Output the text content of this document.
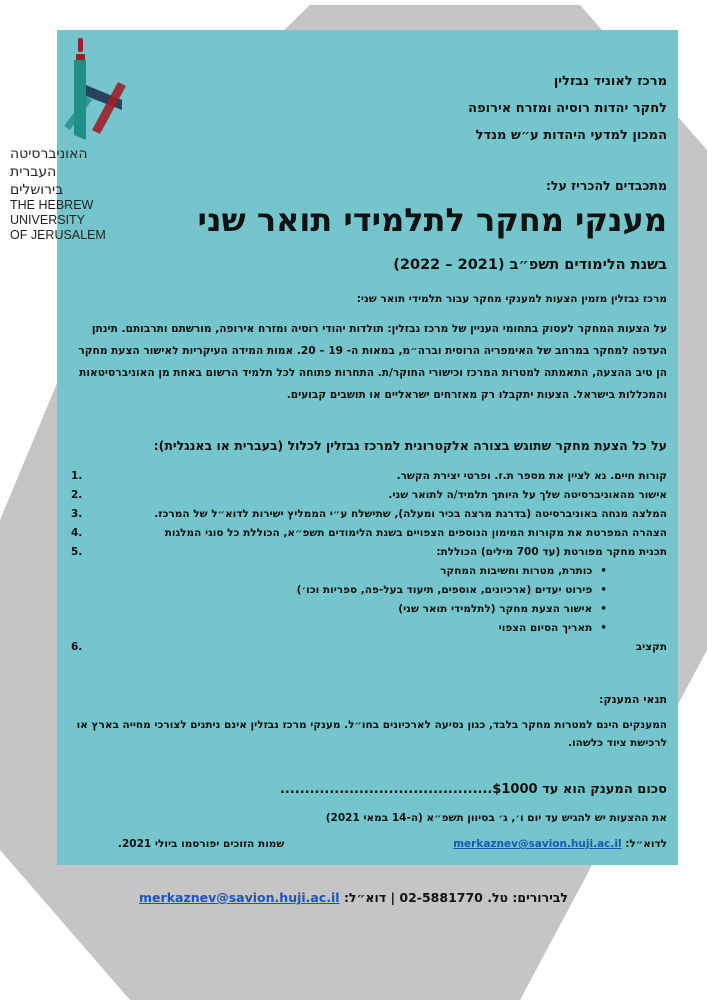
האוניברסיטה
העברית
בירושלים
THE HEBREW
UNIVERSITY
OF JERUSALEM
מרכז לאוניד נבזלין
לחקר יהדות רוסיה ומזרח אירופה
המכון למדעי היהדות ע״ש מנדל
מתכבדים להכריז על:
מענקי מחקר לתלמידי תואר שני
בשנת הלימודים תשפ״ב (2021 – 2022)
מרכז נבזלין מזמין הצעות למענקי מחקר עבור תלמידי תואר שני:
על הצעות המחקר לעסוק בתחומי העניין של מרכז נבזלין: תולדות יהודי רוסיה ומזרח אירופה, מורשתם ותרבותם. תינתן העדפה למחקר במרחב של האימפריה הרוסית וברה״מ, במאות ה- 19 – 20. אמות המידה העיקריות לאישור הצעת מחקר הן טיב ההצעה, התאמתה למטרות המרכז וכישורי החוקר/ת. התחרות פתוחה לכל תלמיד הרשום באחת מן האוניברסיטאות והמכללות בישראל. הצעות יתקבלו רק מאזרחים ישראליים או תושבים קבועים.
על כל הצעת מחקר שתוגש בצורה אלקטרונית למרכז נבזלין לכלול (בעברית או באנגלית):
קורות חיים. נא לציין את מספר ת.ז. ופרטי יצירת הקשר.
1.
אישור מהאוניברסיטה שלך על היותך תלמיד/ה לתואר שני.
2.
המלצה מנחה באוניברסיטה (בדרגת מרצה בכיר ומעלה), שתישלח ע״י הממליץ ישירות לדוא״ל של המרכז.
3.
הצהרה המפרטת את מקורות המימון הנוספים הצפויים בשנת הלימודים תשפ״א, הכוללת כל סוגי המלגות
4.
תכנית מחקר מפורטת (עד 700 מילים) הכוללת:
5.
• כותרת, מטרות וחשיבות המחקר
• פירוט יעדים (ארכיונים, אוספים, תיעוד בעל-פה, ספריות וכו׳)
• אישור הצעת מחקר (לתלמידי תואר שני)
• תאריך הסיום הצפוי
תקציב
6.
תנאי המענק:
המענקים הינם למטרות מחקר בלבד, כגון נסיעה לארכיונים בחו״ל. מענקי מרכז נבזלין אינם ניתנים לצורכי מחייה בארץ או לרכישת ציוד כלשהו.
סכום המענק הוא עד $1000...........................................
את ההצעות יש להגיש עד יום ו׳, ג׳ בסיוון תשפ״א (ה-14 במאי 2021)
לדוא״ל: merkaznev@savion.huji.ac.il
שמות הזוכים יפורסמו ביולי 2021.
לבירורים: טל. 02-5881770 | דוא״ל: merkaznev@savion.huji.ac.il
